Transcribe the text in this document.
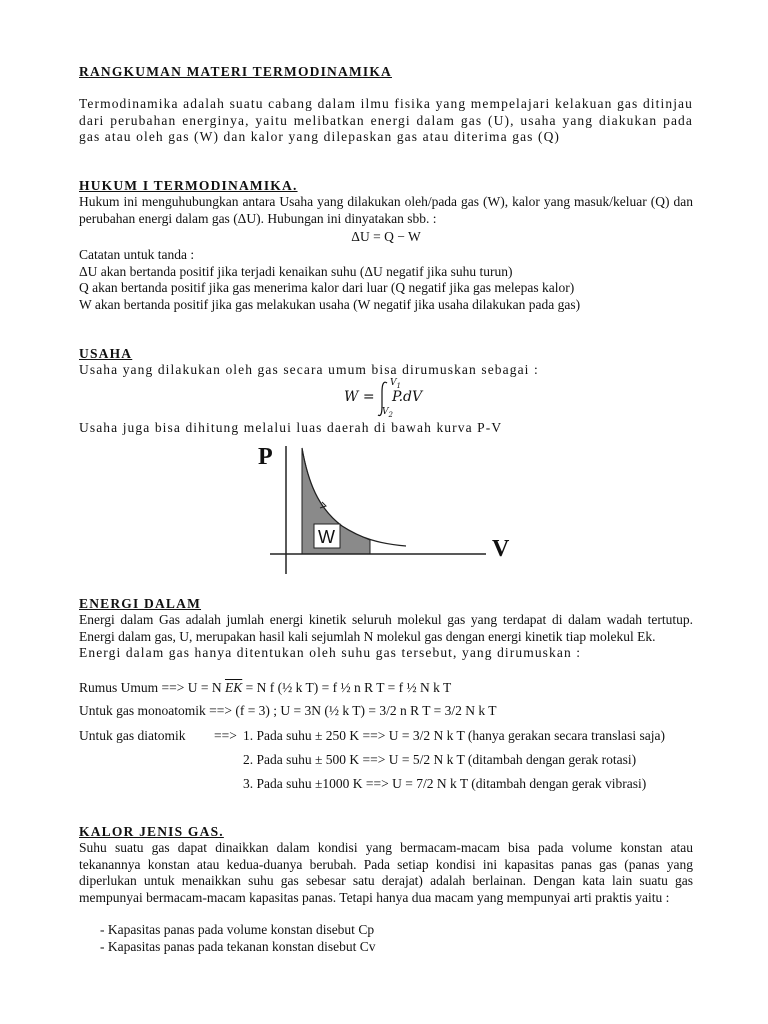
RANGKUMAN MATERI TERMODINAMIKA

Termodinamika adalah suatu cabang dalam ilmu fisika yang mempelajari kelakuan gas ditinjau dari perubahan energinya, yaitu melibatkan energi dalam gas (U), usaha yang diakukan pada gas atau oleh gas (W) dan kalor yang dilepaskan gas atau diterima gas (Q)

HUKUM I TERMODINAMIKA.

Hukum ini menguhubungkan antara Usaha yang dilakukan oleh/pada gas (W), kalor yang masuk/keluar (Q) dan perubahan energi dalam gas (ΔU). Hubungan ini dinyatakan sbb. :

ΔU = Q − W

Catatan untuk tanda :

ΔU akan bertanda positif jika terjadi kenaikan suhu (ΔU negatif jika suhu turun)

Q akan bertanda positif jika gas menerima kalor dari luar (Q negatif jika gas melepas kalor)

W akan bertanda positif jika gas melakukan usaha (W negatif jika usaha dilakukan pada gas)

USAHA

Usaha yang dilakukan oleh gas secara umum bisa dirumuskan sebagai :

W =
$V_1$
$V_2$
P.dV

Usaha juga bisa dihitung melalui luas daerah di bawah kurva P-V

P
V
W

ENERGI DALAM

Energi dalam Gas adalah jumlah energi kinetik seluruh molekul gas yang terdapat di dalam wadah tertutup. Energi dalam gas, U, merupakan hasil kali sejumlah N molekul gas dengan energi kinetik tiap molekul Ek.

Energi dalam gas hanya ditentukan oleh suhu gas tersebut, yang dirumuskan :

Rumus Umum ==> U = N $\overline{EK} = N$ f (½ k T) = f ½ n R T = f ½ N k T

Untuk gas monoatomik ==> (f = 3) ; U = 3N (½ k T) = 3/2 n R T = 3/2 N k T

Untuk gas diatomik ==> 1. Pada suhu ± 250 K ==> U = 3/2 N k T (hanya gerakan secara translasi saja)
2. Pada suhu ± 500 K ==> U = 5/2 N k T (ditambah dengan gerak rotasi)
3. Pada suhu ±1000 K ==> U = 7/2 N k T (ditambah dengan gerak vibrasi)

KALOR JENIS GAS.

Suhu suatu gas dapat dinaikkan dalam kondisi yang bermacam-macam bisa pada volume konstan atau tekanannya konstan atau kedua-duanya berubah. Pada setiap kondisi ini kapasitas panas gas (panas yang diperlukan untuk menaikkan suhu gas sebesar satu derajat) adalah berlainan. Dengan kata lain suatu gas mempunyai bermacam-macam kapasitas panas. Tetapi hanya dua macam yang mempunyai arti praktis yaitu :

- Kapasitas panas pada volume konstan disebut Cp

- Kapasitas panas pada tekanan konstan disebut Cv
